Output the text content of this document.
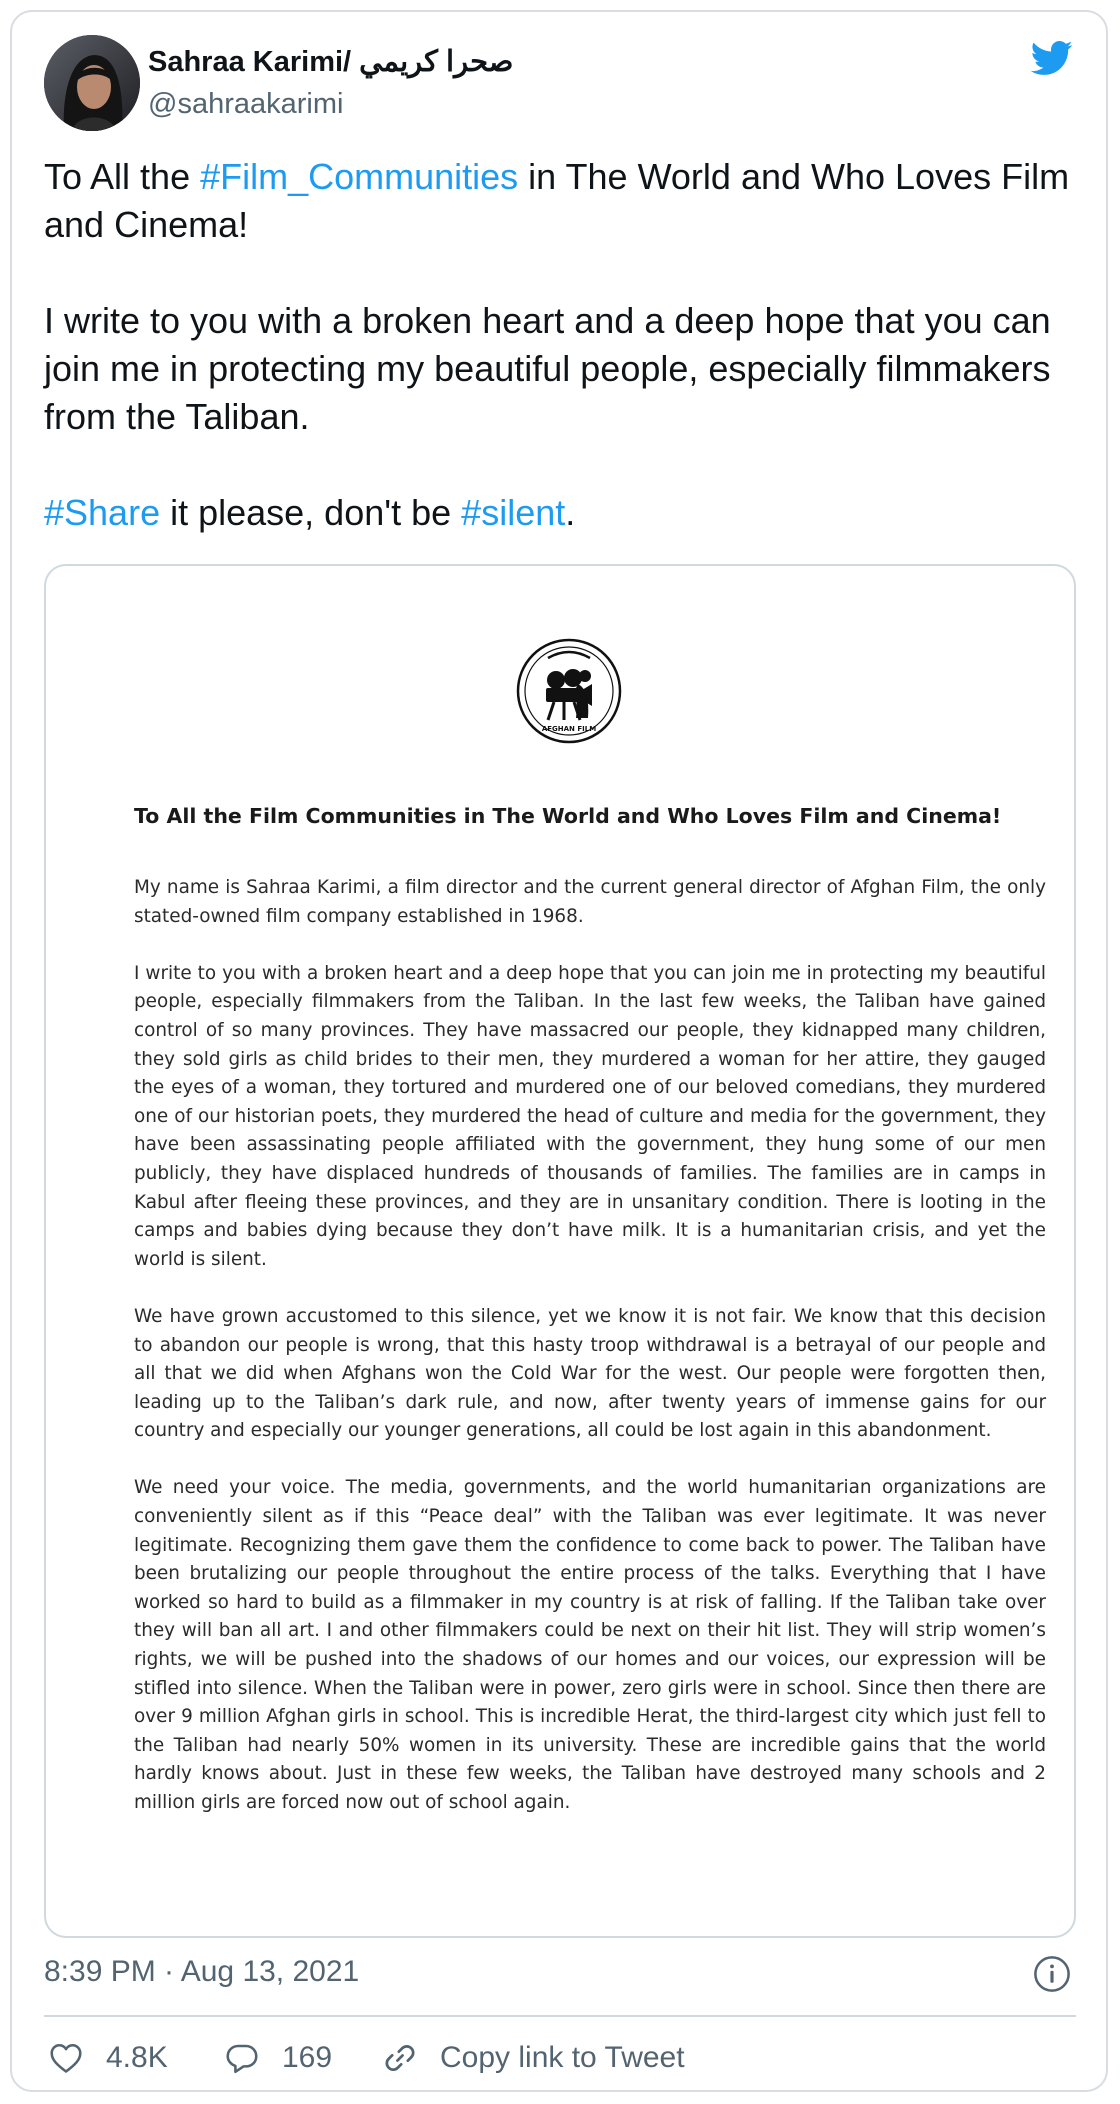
Sahraa Karimi/ صحرا كريمي
@sahraakarimi

To All the #Film_Communities in The World and Who Loves Film and Cinema!

I write to you with a broken heart and a deep hope that you can join me in protecting my beautiful people, especially filmmakers from the Taliban.

#Share it please, don't be #silent.

AFGHAN FILM
To All the Film Communities in The World and Who Loves Film and Cinema!

My name is Sahraa Karimi, a film director and the current general director of Afghan Film, the only stated-owned film company established in 1968.

I write to you with a broken heart and a deep hope that you can join me in protecting my beautiful people, especially filmmakers from the Taliban. In the last few weeks, the Taliban have gained control of so many provinces. They have massacred our people, they kidnapped many children, they sold girls as child brides to their men, they murdered a woman for her attire, they gauged the eyes of a woman, they tortured and murdered one of our beloved comedians, they murdered one of our historian poets, they murdered the head of culture and media for the government, they have been assassinating people affiliated with the government, they hung some of our men publicly, they have displaced hundreds of thousands of families. The families are in camps in Kabul after fleeing these provinces, and they are in unsanitary condition. There is looting in the camps and babies dying because they don’t have milk. It is a humanitarian crisis, and yet the world is silent.

We have grown accustomed to this silence, yet we know it is not fair. We know that this decision to abandon our people is wrong, that this hasty troop withdrawal is a betrayal of our people and all that we did when Afghans won the Cold War for the west. Our people were forgotten then, leading up to the Taliban’s dark rule, and now, after twenty years of immense gains for our country and especially our younger generations, all could be lost again in this abandonment.

We need your voice. The media, governments, and the world humanitarian organizations are conveniently silent as if this “Peace deal” with the Taliban was ever legitimate. It was never legitimate. Recognizing them gave them the confidence to come back to power. The Taliban have been brutalizing our people throughout the entire process of the talks. Everything that I have worked so hard to build as a filmmaker in my country is at risk of falling. If the Taliban take over they will ban all art. I and other filmmakers could be next on their hit list. They will strip women’s rights, we will be pushed into the shadows of our homes and our voices, our expression will be stifled into silence. When the Taliban were in power, zero girls were in school. Since then there are over 9 million Afghan girls in school. This is incredible Herat, the third-largest city which just fell to the Taliban had nearly 50% women in its university. These are incredible gains that the world hardly knows about. Just in these few weeks, the Taliban have destroyed many schools and 2 million girls are forced now out of school again.

8:39 PM · Aug 13, 2021
4.8K	169	Copy link to Tweet
